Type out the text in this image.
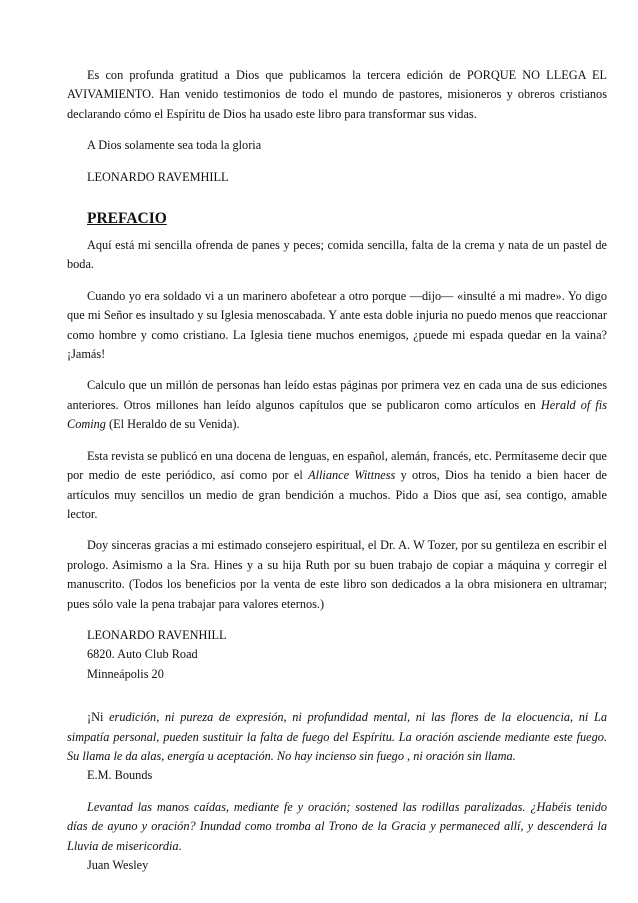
Es con profunda gratitud a Dios que publicamos la tercera edición de PORQUE NO LLEGA EL AVIVAMIENTO. Han venido testimonios de todo el mundo de pastores, misioneros y obreros cristianos declarando cómo el Espíritu de Dios ha usado este libro para transformar sus vidas.

A Dios solamente sea toda la gloria
LEONARDO RAVEMHILL
PREFACIO

Aquí está mi sencilla ofrenda de panes y peces; comida sencilla, falta de la crema y nata de un pastel de boda.

Cuando yo era soldado vi a un marinero abofetear a otro porque —dijo— «insulté a mi madre». Yo digo que mi Señor es insultado y su Iglesia menoscabada. Y ante esta doble injuria no puedo menos que reaccionar como hombre y como cristiano. La Iglesia tiene muchos enemigos, ¿puede mi espada quedar en la vaina? ¡Jamás!

Calculo que un millón de personas han leído estas páginas por primera vez en cada una de sus ediciones anteriores. Otros millones han leído algunos capítulos que se publicaron como artículos en Herald of fis Coming (El Heraldo de su Venida).

Esta revista se publicó en una docena de lenguas, en español, alemán, francés, etc. Permítaseme decir que por medio de este periódico, así como por el Alliance Wittness y otros, Dios ha tenido a bien hacer de artículos muy sencillos un medio de gran bendición a muchos. Pido a Dios que así, sea contigo, amable lector.

Doy sinceras gracias a mi estimado consejero espiritual, el Dr. A. W Tozer, por su gentileza en escribir el prologo. Asimismo a la Sra. Hines y a su hija Ruth por su buen trabajo de copiar a máquina y corregir el manuscrito. (Todos los beneficios por la venta de este libro son dedicados a la obra misionera en ultramar; pues sólo vale la pena trabajar para valores eternos.)

LEONARDO RAVENHILL
6820. Auto Club Road
Minneápolis 20

¡Ni erudición, ni pureza de expresión, ni profundidad mental, ni las flores de la elocuencia, ni La simpatía personal, pueden sustituir la falta de fuego del Espíritu. La oración asciende mediante este fuego. Su llama le da alas, energía u aceptación. No hay incienso sin fuego , ni oración sin llama.

E.M. Bounds

Levantad las manos caídas, mediante fe y oración; sostened las rodillas paralizadas. ¿Habéis tenido días de ayuno y oración? Inundad como tromba al Trono de la Gracia y permaneced allí, y descenderá la Lluvia de misericordia.

Juan Wesley
